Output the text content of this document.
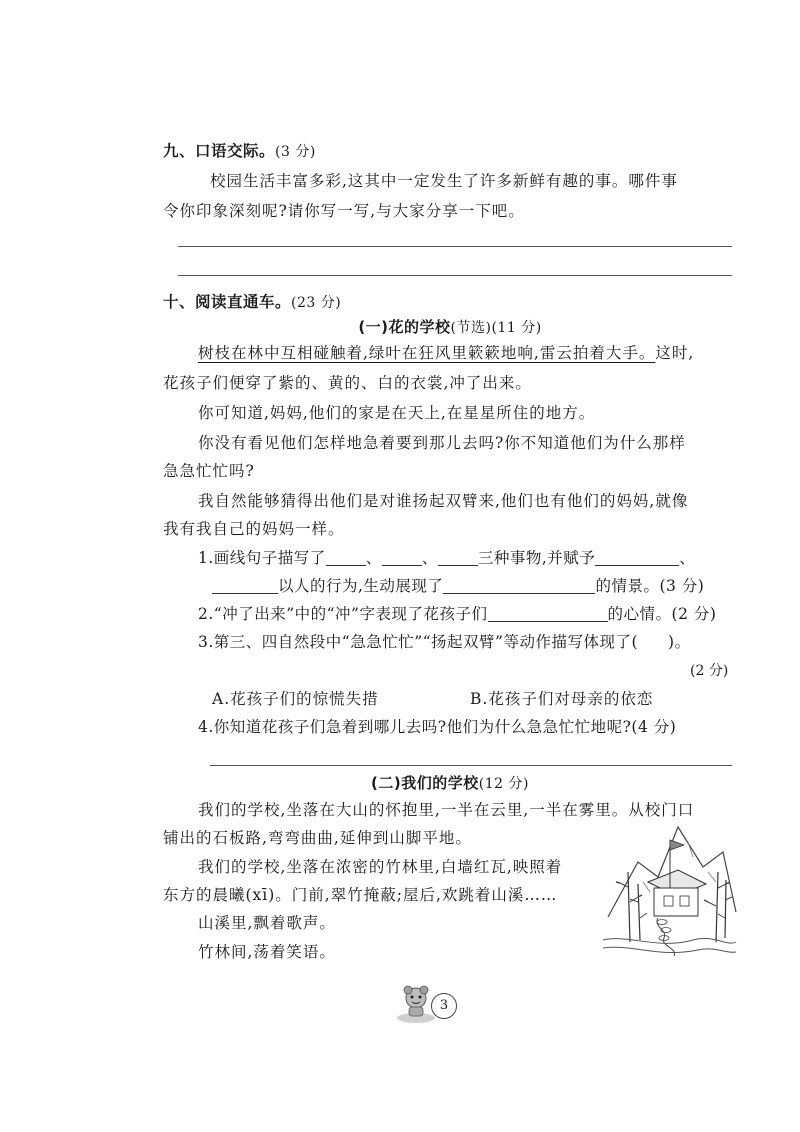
九、口语交际。(3 分)
校园生活丰富多彩,这其中一定发生了许多新鲜有趣的事。哪件事
令你印象深刻呢?请你写一写,与大家分享一下吧。
十、阅读直通车。(23 分)
(一)花的学校(节选)(11 分)
树枝在林中互相碰触着,绿叶在狂风里簌簌地响,雷云拍着大手。这时,
花孩子们便穿了紫的、黄的、白的衣裳,冲了出来。
你可知道,妈妈,他们的家是在天上,在星星所住的地方。
你没有看见他们怎样地急着要到那儿去吗?你不知道他们为什么那样
急急忙忙吗?
我自然能够猜得出他们是对谁扬起双臂来,他们也有他们的妈妈,就像
我有我自己的妈妈一样。
1.画线句子描写了	、	、	三种事物,并赋予	、
以人的行为,生动展现了	的情景。(3 分)
2.“冲了出来”中的“冲”字表现了花孩子们	的心情。(2 分)
3.第三、四自然段中“急急忙忙”“扬起双臂”等动作描写体现了( )。
(2 分)
A.花孩子们的惊慌失措	B.花孩子们对母亲的依恋
4.你知道花孩子们急着到哪儿去吗?他们为什么急急忙忙地呢?(4 分)
(二)我们的学校(12 分)
我们的学校,坐落在大山的怀抱里,一半在云里,一半在雾里。从校门口
铺出的石板路,弯弯曲曲,延伸到山脚平地。
我们的学校,坐落在浓密的竹林里,白墙红瓦,映照着
东方的晨曦(xī)。门前,翠竹掩蔽;屋后,欢跳着山溪……
山溪里,飘着歌声。
竹林间,荡着笑语。
3
